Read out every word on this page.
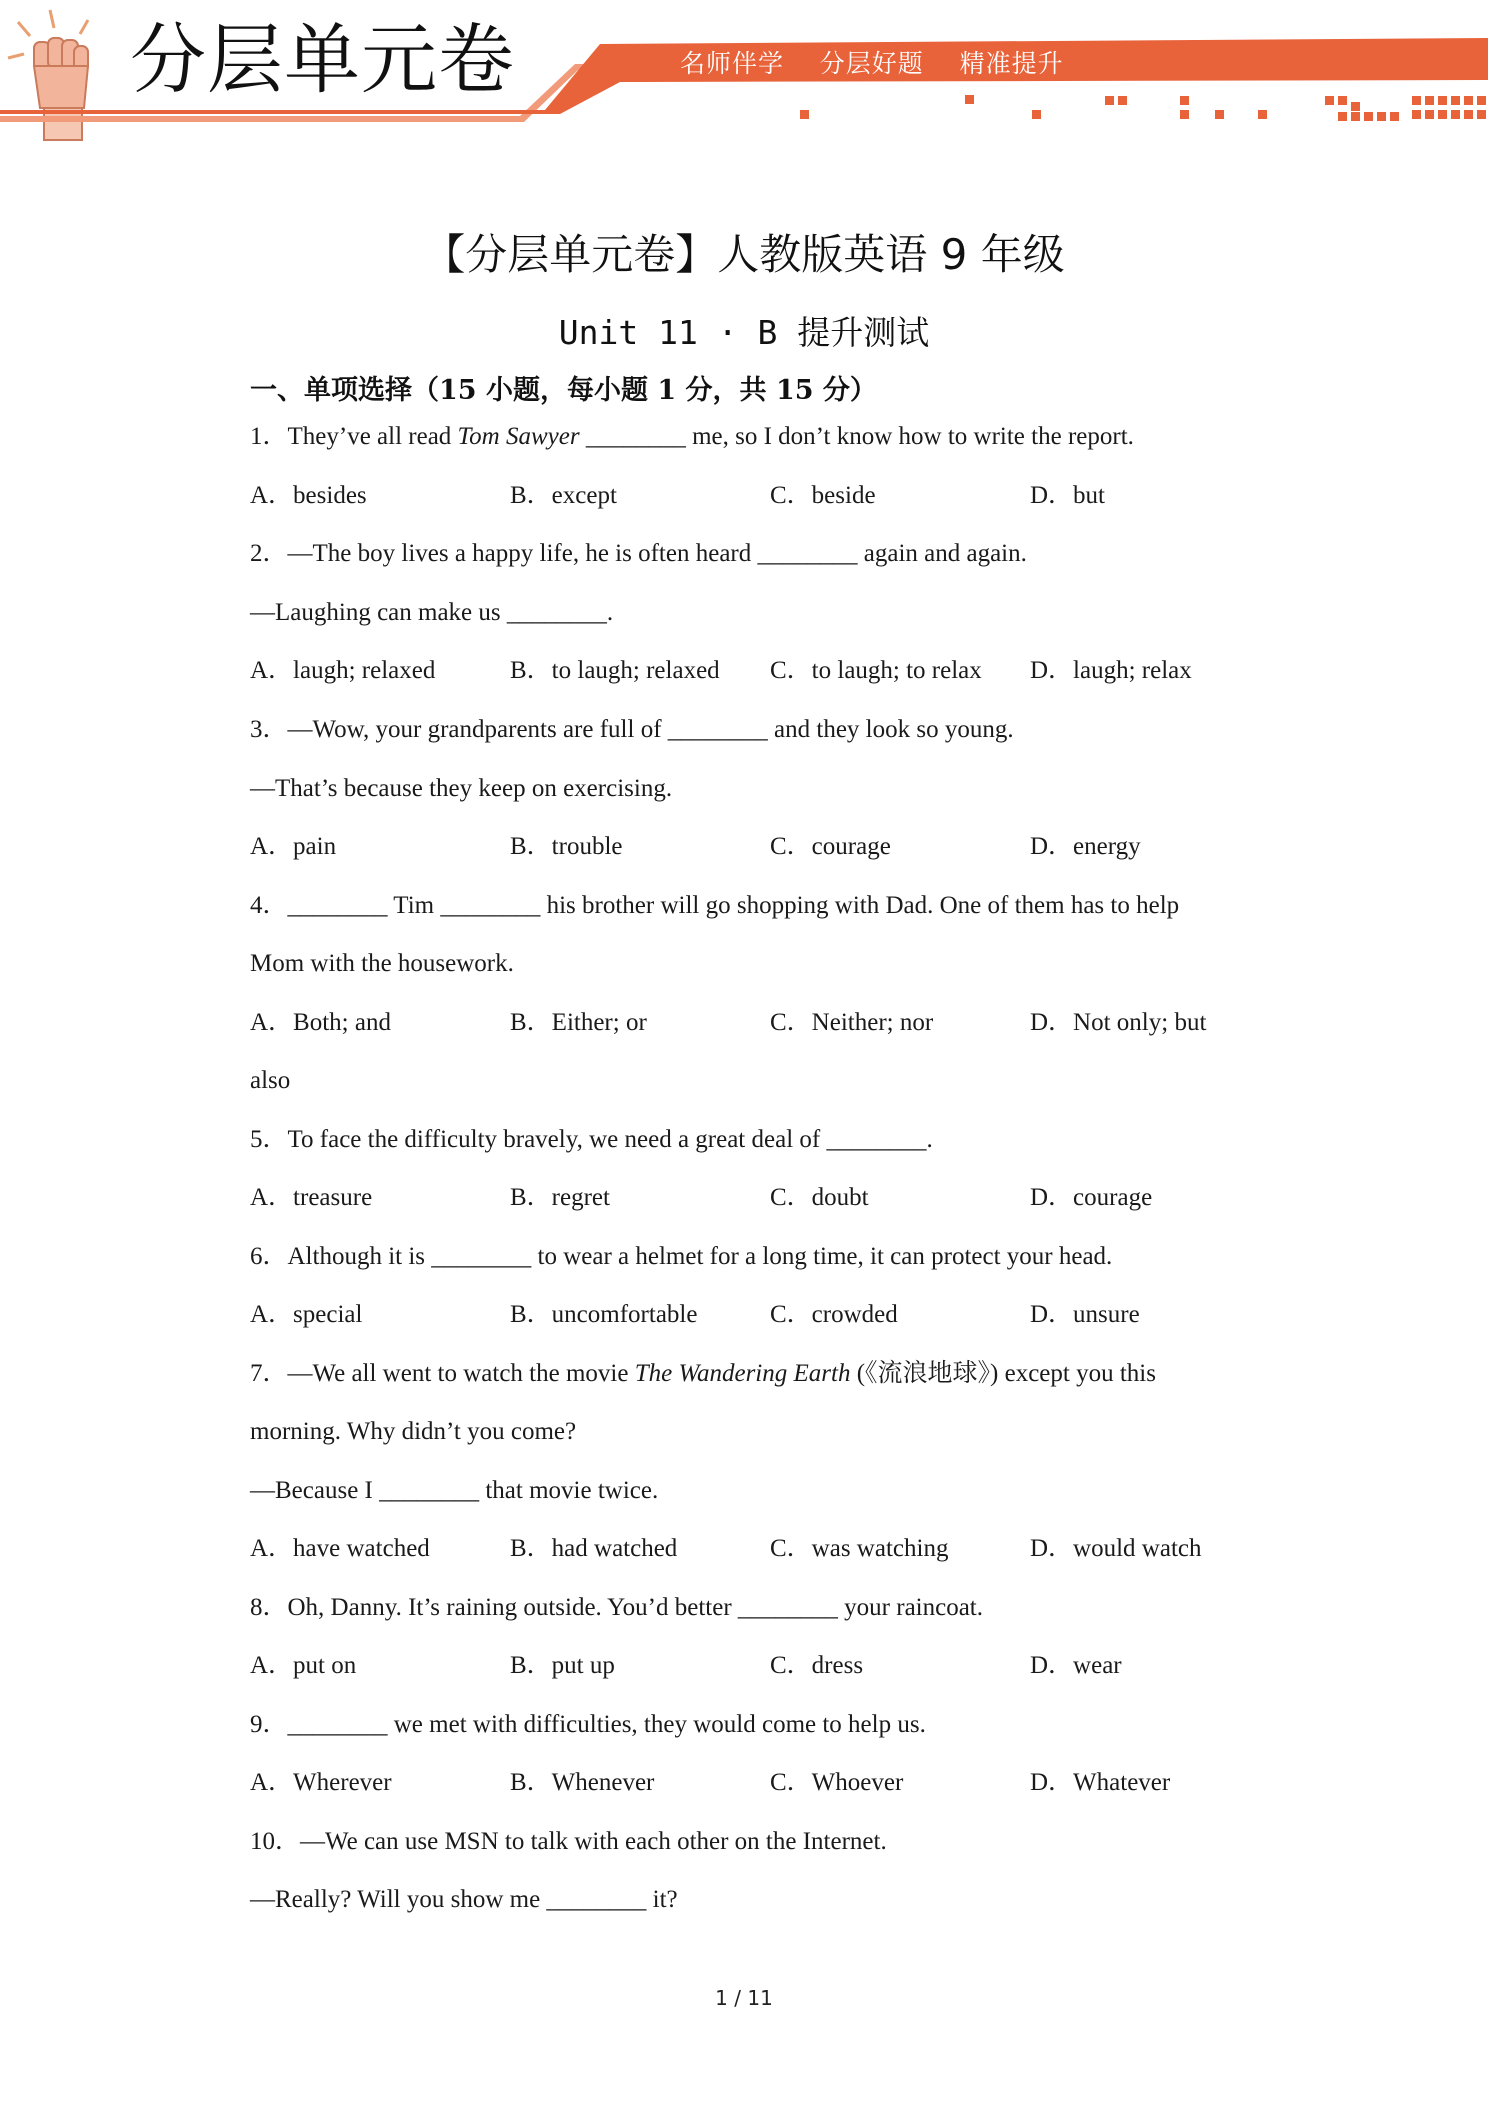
分层单元卷	名师伴学    分层好题    精准提升
【分层单元卷】人教版英语 9 年级
Unit 11 · B 提升测试
一、单项选择（15 小题，每小题 1 分，共 15 分）
1．They’ve all read Tom Sawyer ________ me, so I don’t know how to write the report.
A．besides	B．except	C．beside	D．but
2．—The boy lives a happy life, he is often heard ________ again and again.
—Laughing can make us ________.
A．laugh; relaxed	B．to laugh; relaxed C．to laugh; to relax D．laugh; relax
3．—Wow, your grandparents are full of ________ and they look so young.
—That’s because they keep on exercising.
A．pain	B．trouble	C．courage	D．energy
4．________ Tim ________ his brother will go shopping with Dad. One of them has to help
Mom with the housework.
A．Both; and	B．Either; or	C．Neither; nor	D．Not only; but
also
5．To face the difficulty bravely, we need a great deal of ________.
A．treasure	B．regret	C．doubt	D．courage
6．Although it is ________ to wear a helmet for a long time, it can protect your head.
A．special	B．uncomfortable	C．crowded	D．unsure
7．—We all went to watch the movie The Wandering Earth (《流浪地球》) except you this
morning. Why didn’t you come?
—Because I ________ that movie twice.
A．have watched	B．had watched	C．was watching	D．would watch
8．Oh, Danny. It’s raining outside. You’d better ________ your raincoat.
A．put on	B．put up	C．dress	D．wear
9．________ we met with difficulties, they would come to help us.
A．Wherever	B．Whenever	C．Whoever	D．Whatever
10．—We can use MSN to talk with each other on the Internet.
—Really? Will you show me ________ it?
1 / 11
